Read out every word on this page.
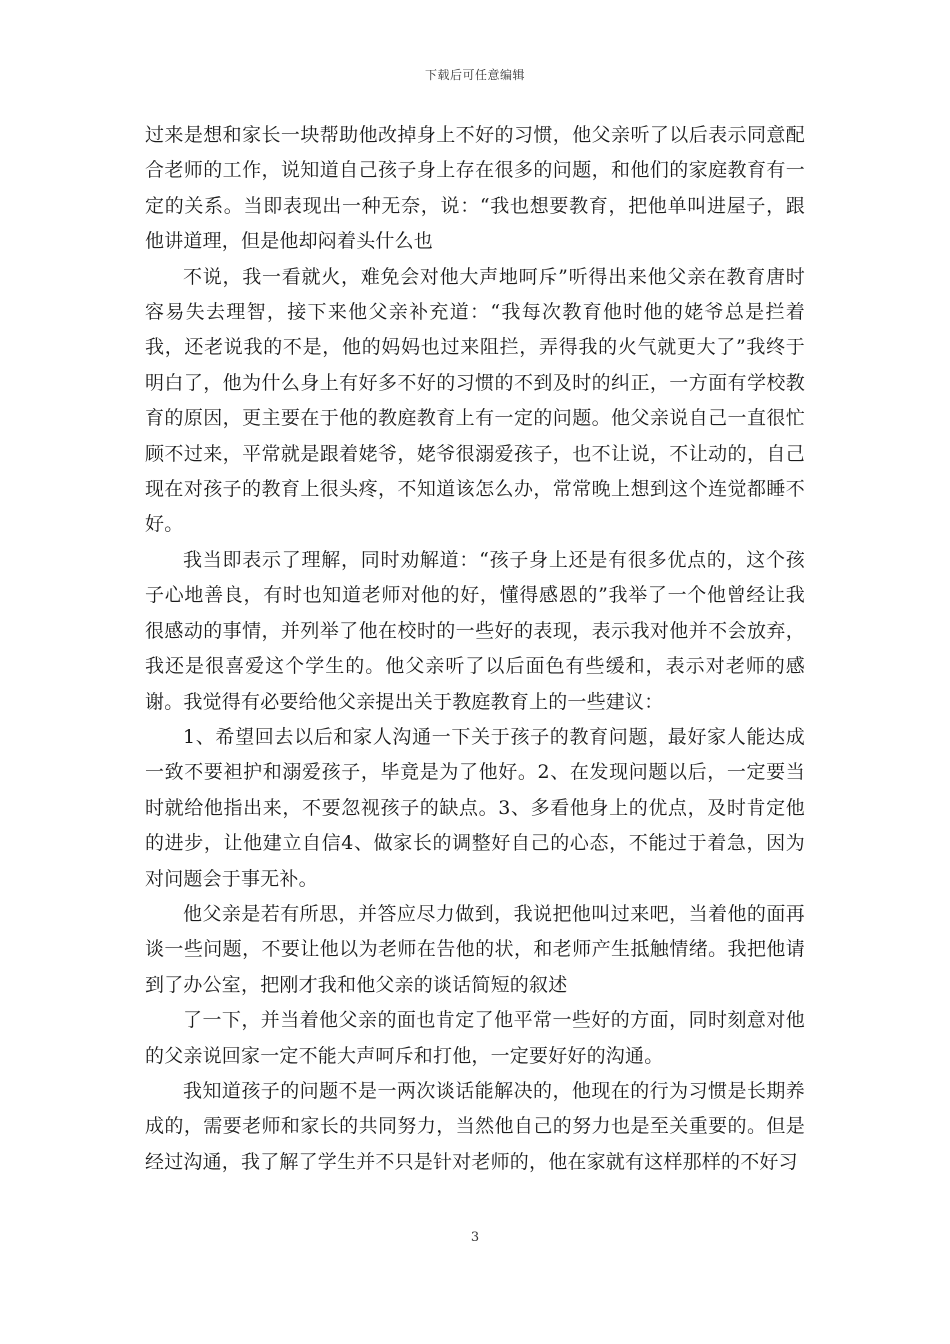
下载后可任意编辑

过来是想和家长一块帮助他改掉身上不好的习惯，他父亲听了以后表示同意配合老师的工作，说知道自己孩子身上存在很多的问题，和他们的家庭教育有一定的关系。当即表现出一种无奈，说：“我也想要教育，把他单叫进屋子，跟他讲道理，但是他却闷着头什么也

不说，我一看就火，难免会对他大声地呵斥”听得出来他父亲在教育唐时容易失去理智，接下来他父亲补充道：“我每次教育他时他的姥爷总是拦着我，还老说我的不是，他的妈妈也过来阻拦，弄得我的火气就更大了”我终于明白了，他为什么身上有好多不好的习惯的不到及时的纠正，一方面有学校教育的原因，更主要在于他的教庭教育上有一定的问题。他父亲说自己一直很忙顾不过来，平常就是跟着姥爷，姥爷很溺爱孩子，也不让说，不让动的，自己现在对孩子的教育上很头疼，不知道该怎么办，常常晚上想到这个连觉都睡不好。

我当即表示了理解，同时劝解道：“孩子身上还是有很多优点的，这个孩子心地善良，有时也知道老师对他的好，懂得感恩的”我举了一个他曾经让我很感动的事情，并列举了他在校时的一些好的表现，表示我对他并不会放弃，我还是很喜爱这个学生的。他父亲听了以后面色有些缓和，表示对老师的感谢。我觉得有必要给他父亲提出关于教庭教育上的一些建议：

1、希望回去以后和家人沟通一下关于孩子的教育问题，最好家人能达成一致不要袒护和溺爱孩子，毕竟是为了他好。2、在发现问题以后，一定要当时就给他指出来，不要忽视孩子的缺点。3、多看他身上的优点，及时肯定他的进步，让他建立自信4、做家长的调整好自己的心态，不能过于着急，因为对问题会于事无补。

他父亲是若有所思，并答应尽力做到，我说把他叫过来吧，当着他的面再谈一些问题，不要让他以为老师在告他的状，和老师产生抵触情绪。我把他请到了办公室，把刚才我和他父亲的谈话简短的叙述

了一下，并当着他父亲的面也肯定了他平常一些好的方面，同时刻意对他的父亲说回家一定不能大声呵斥和打他，一定要好好的沟通。

我知道孩子的问题不是一两次谈话能解决的，他现在的行为习惯是长期养成的，需要老师和家长的共同努力，当然他自己的努力也是至关重要的。但是经过沟通，我了解了学生并不只是针对老师的，他在家就有这样那样的不好习

3
